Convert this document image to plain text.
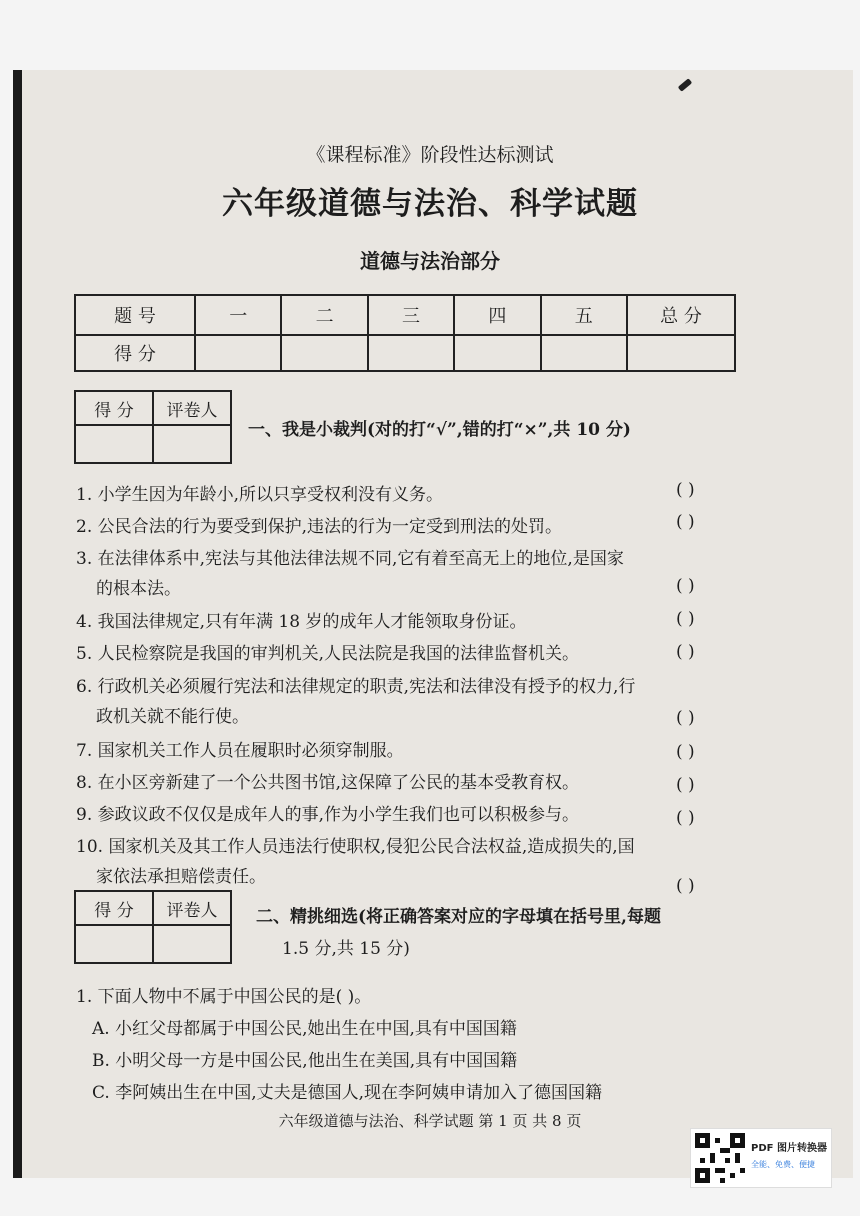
《课程标准》阶段性达标测试
六年级道德与法治、科学试题
道德与法治部分
题 号	一	二	三	四	五	总 分
得 分						
得 分	评卷人

一、我是小裁判(对的打“√”,错的打“×”,共 10 分)
1. 小学生因为年龄小,所以只享受权利没有义务。	( )
2. 公民合法的行为要受到保护,违法的行为一定受到刑法的处罚。	( )
3. 在法律体系中,宪法与其他法律法规不同,它有着至高无上的地位,是国家
的根本法。	( )
4. 我国法律规定,只有年满 18 岁的成年人才能领取身份证。	( )
5. 人民检察院是我国的审判机关,人民法院是我国的法律监督机关。	( )
6. 行政机关必须履行宪法和法律规定的职责,宪法和法律没有授予的权力,行
政机关就不能行使。	( )
7. 国家机关工作人员在履职时必须穿制服。	( )
8. 在小区旁新建了一个公共图书馆,这保障了公民的基本受教育权。	( )
9. 参政议政不仅仅是成年人的事,作为小学生我们也可以积极参与。	( )
10. 国家机关及其工作人员违法行使职权,侵犯公民合法权益,造成损失的,国
家依法承担赔偿责任。	( )
得 分	评卷人
	二、精挑细选(将正确答案对应的字母填在括号里,每题
1.5 分,共 15 分)
1. 下面人物中不属于中国公民的是( )。
A. 小红父母都属于中国公民,她出生在中国,具有中国国籍
B. 小明父母一方是中国公民,他出生在美国,具有中国国籍
C. 李阿姨出生在中国,丈夫是德国人,现在李阿姨申请加入了德国国籍
六年级道德与法治、科学试题 第 1 页 共 8 页
PDF 图片转换器
全能、免费、便捷
